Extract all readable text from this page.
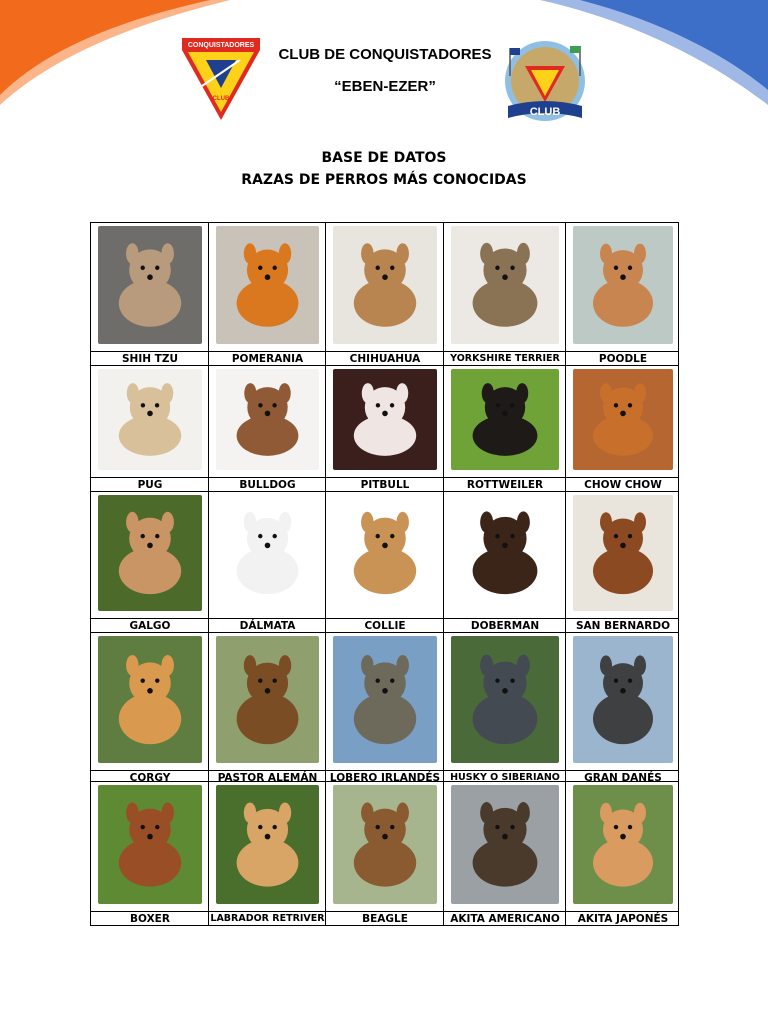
CONQUISTADORES
CLUB
CLUB DE CONQUISTADORES
“EBEN-EZER”
CLUB
BASE DE DATOS
RAZAS DE PERROS MÁS CONOCIDAS
SHIH TZU	POMERANIA	CHIHUAHUA	YORKSHIRE TERRIER	POODLE
PUG	BULLDOG	PITBULL	ROTTWEILER	CHOW CHOW
GALGO	DÁLMATA	COLLIE	DOBERMAN	SAN BERNARDO
CORGY	PASTOR ALEMÁN	LOBERO IRLANDÉS	HUSKY O SIBERIANO	GRAN DANÉS
BOXER	LABRADOR RETRIVER	BEAGLE	AKITA AMERICANO	AKITA JAPONÉS
